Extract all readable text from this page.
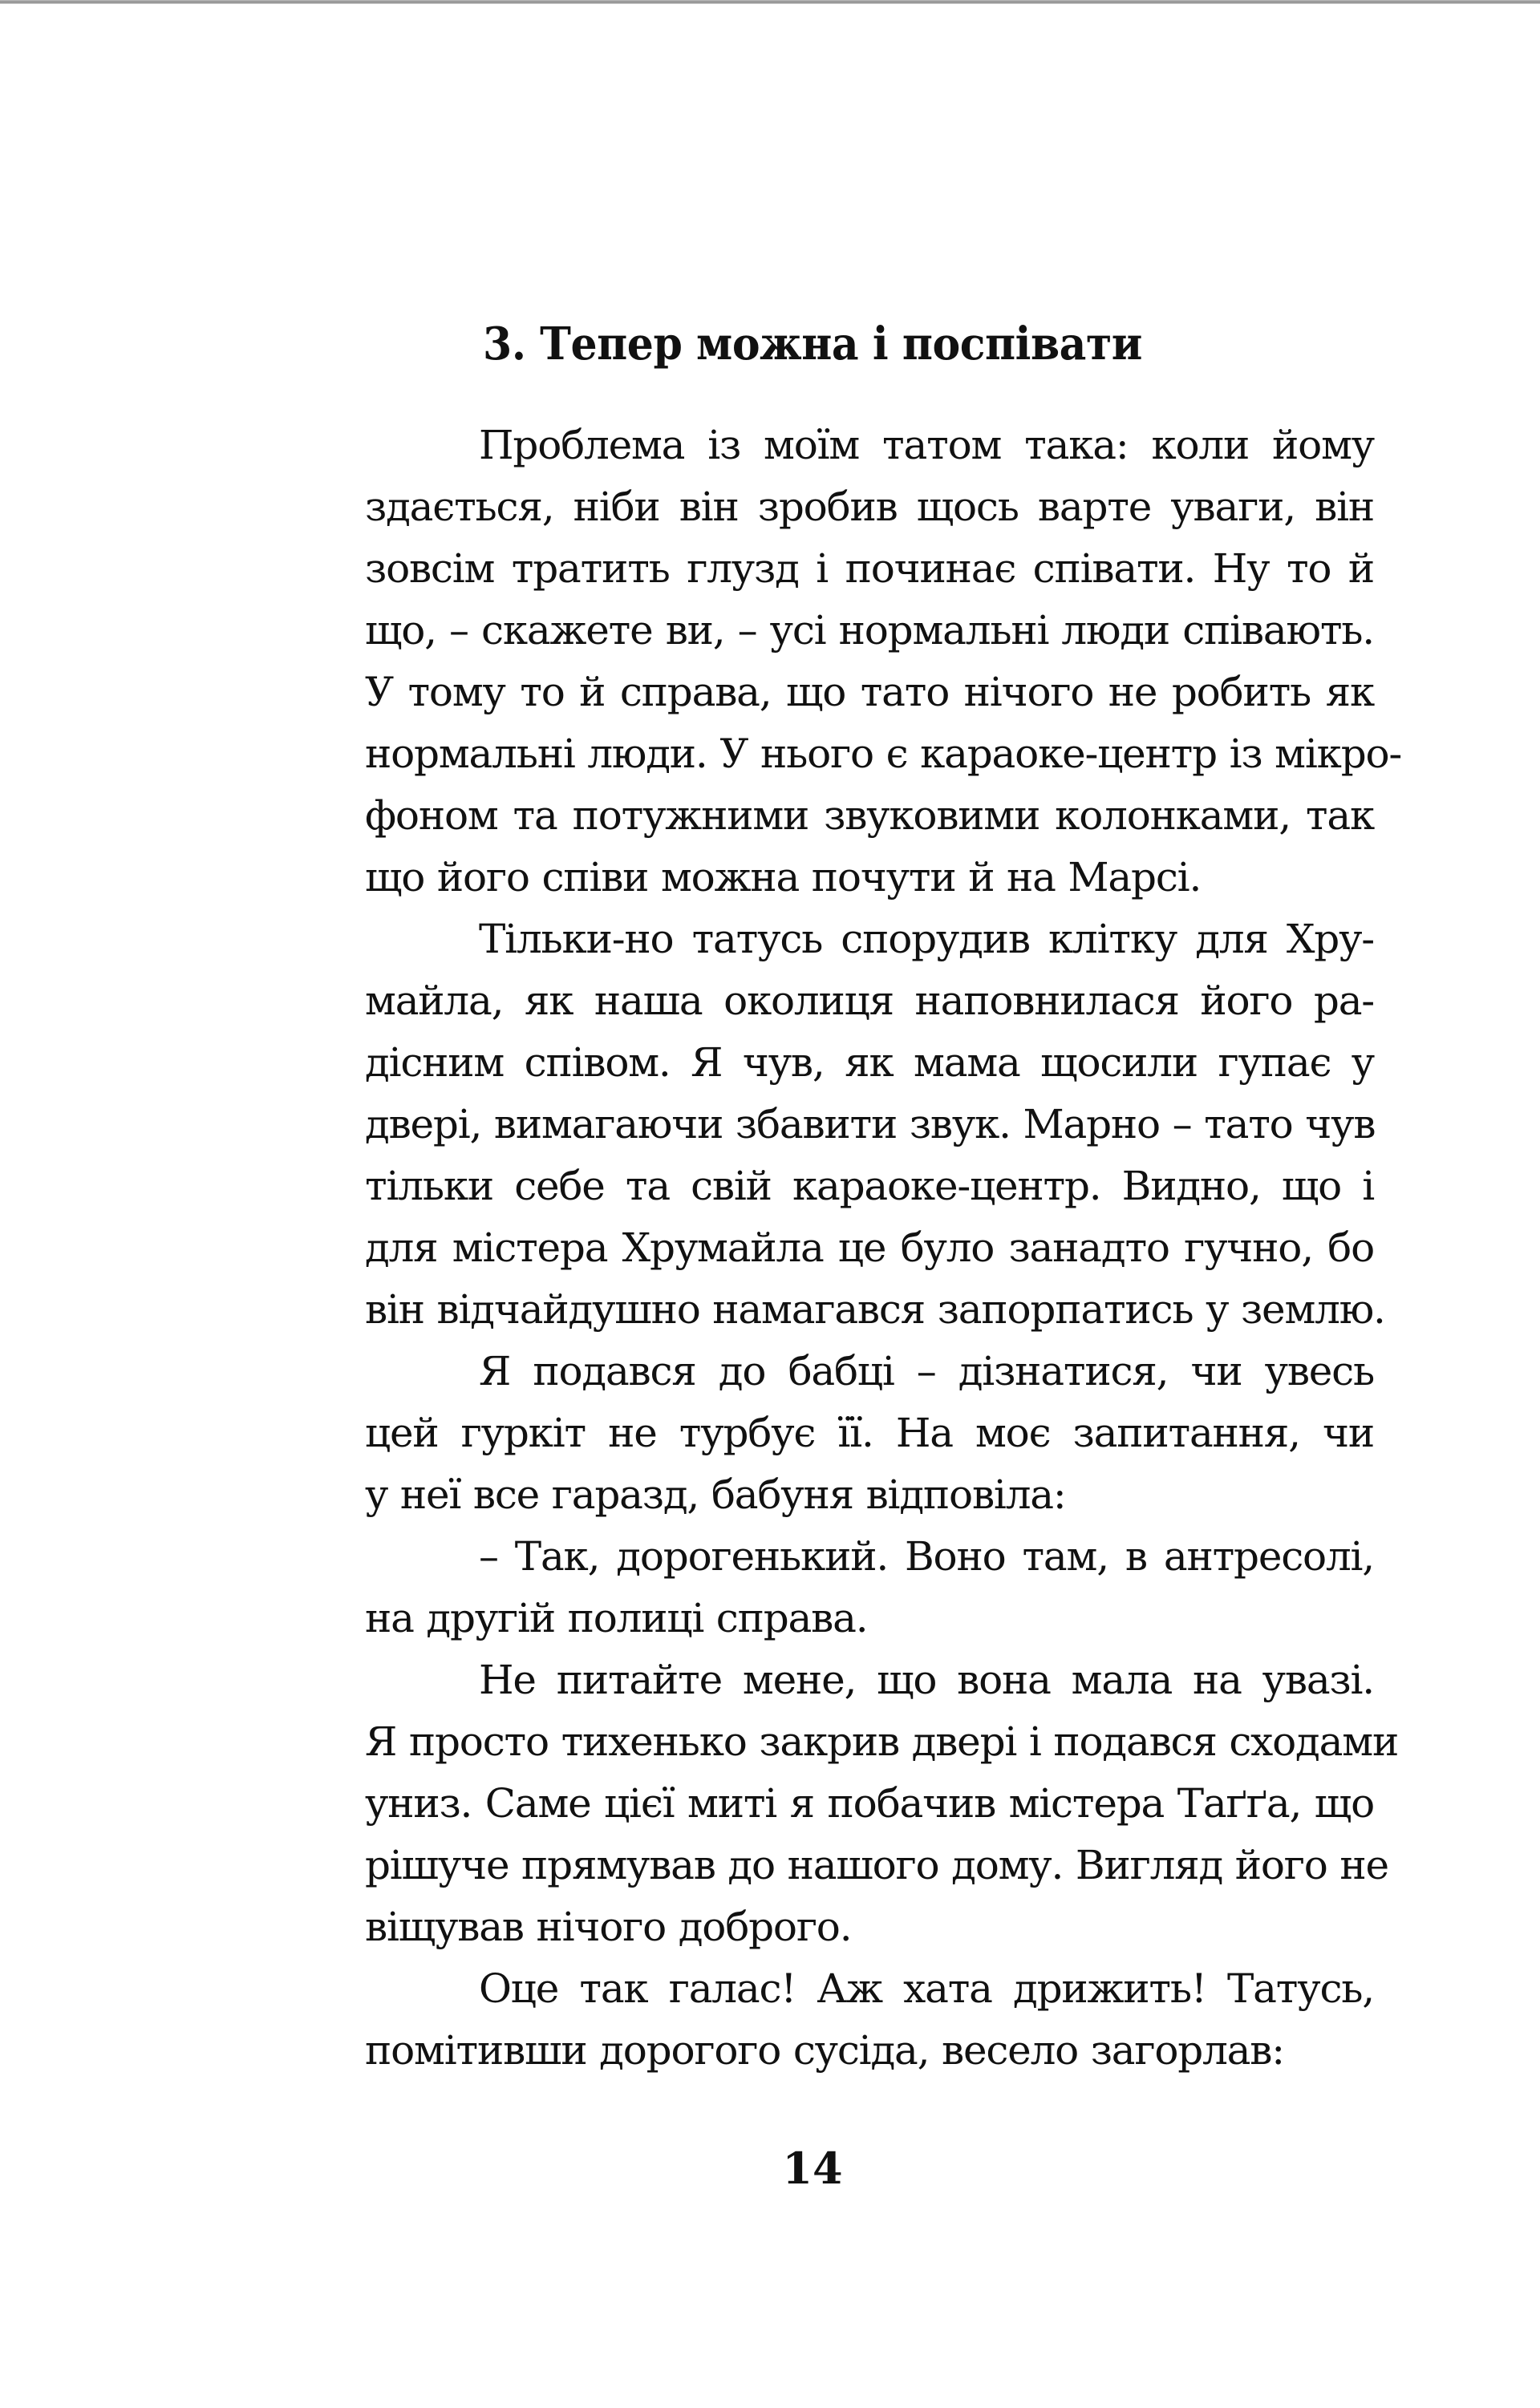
3. Тепер можна і поспівати

Проблема із моїм татом така: коли йому
здається, ніби він зробив щось варте уваги, він
зовсім тратить глузд і починає співати. Ну то й
що, – скажете ви, – усі нормальні люди співають.
У тому то й справа, що тато нічого не робить як
нормальні люди. У нього є караоке-центр із мікро-
фоном та потужними звуковими колонками, так
що його співи можна почути й на Марсі.

Тільки-но татусь спорудив клітку для Хру-
майла, як наша околиця наповнилася його ра-
дісним співом. Я чув, як мама щосили гупає у
двері, вимагаючи збавити звук. Марно – тато чув
тільки себе та свій караоке-центр. Видно, що і
для містера Хрумайла це було занадто гучно, бо
він відчайдушно намагався запорпатись у землю.

Я подався до бабці – дізнатися, чи увесь
цей гуркіт не турбує її. На моє запитання, чи
у неї все гаразд, бабуня відповіла:

– Так, дорогенький. Воно там, в антресолі,
на другій полиці справа.

Не питайте мене, що вона мала на увазі.
Я просто тихенько закрив двері і подався сходами
униз. Саме цієї миті я побачив містера Таґґа, що
рішуче прямував до нашого дому. Вигляд його не
віщував нічого доброго.

Оце так галас! Аж хата дрижить! Татусь,
помітивши дорогого сусіда, весело загорлав:

14
